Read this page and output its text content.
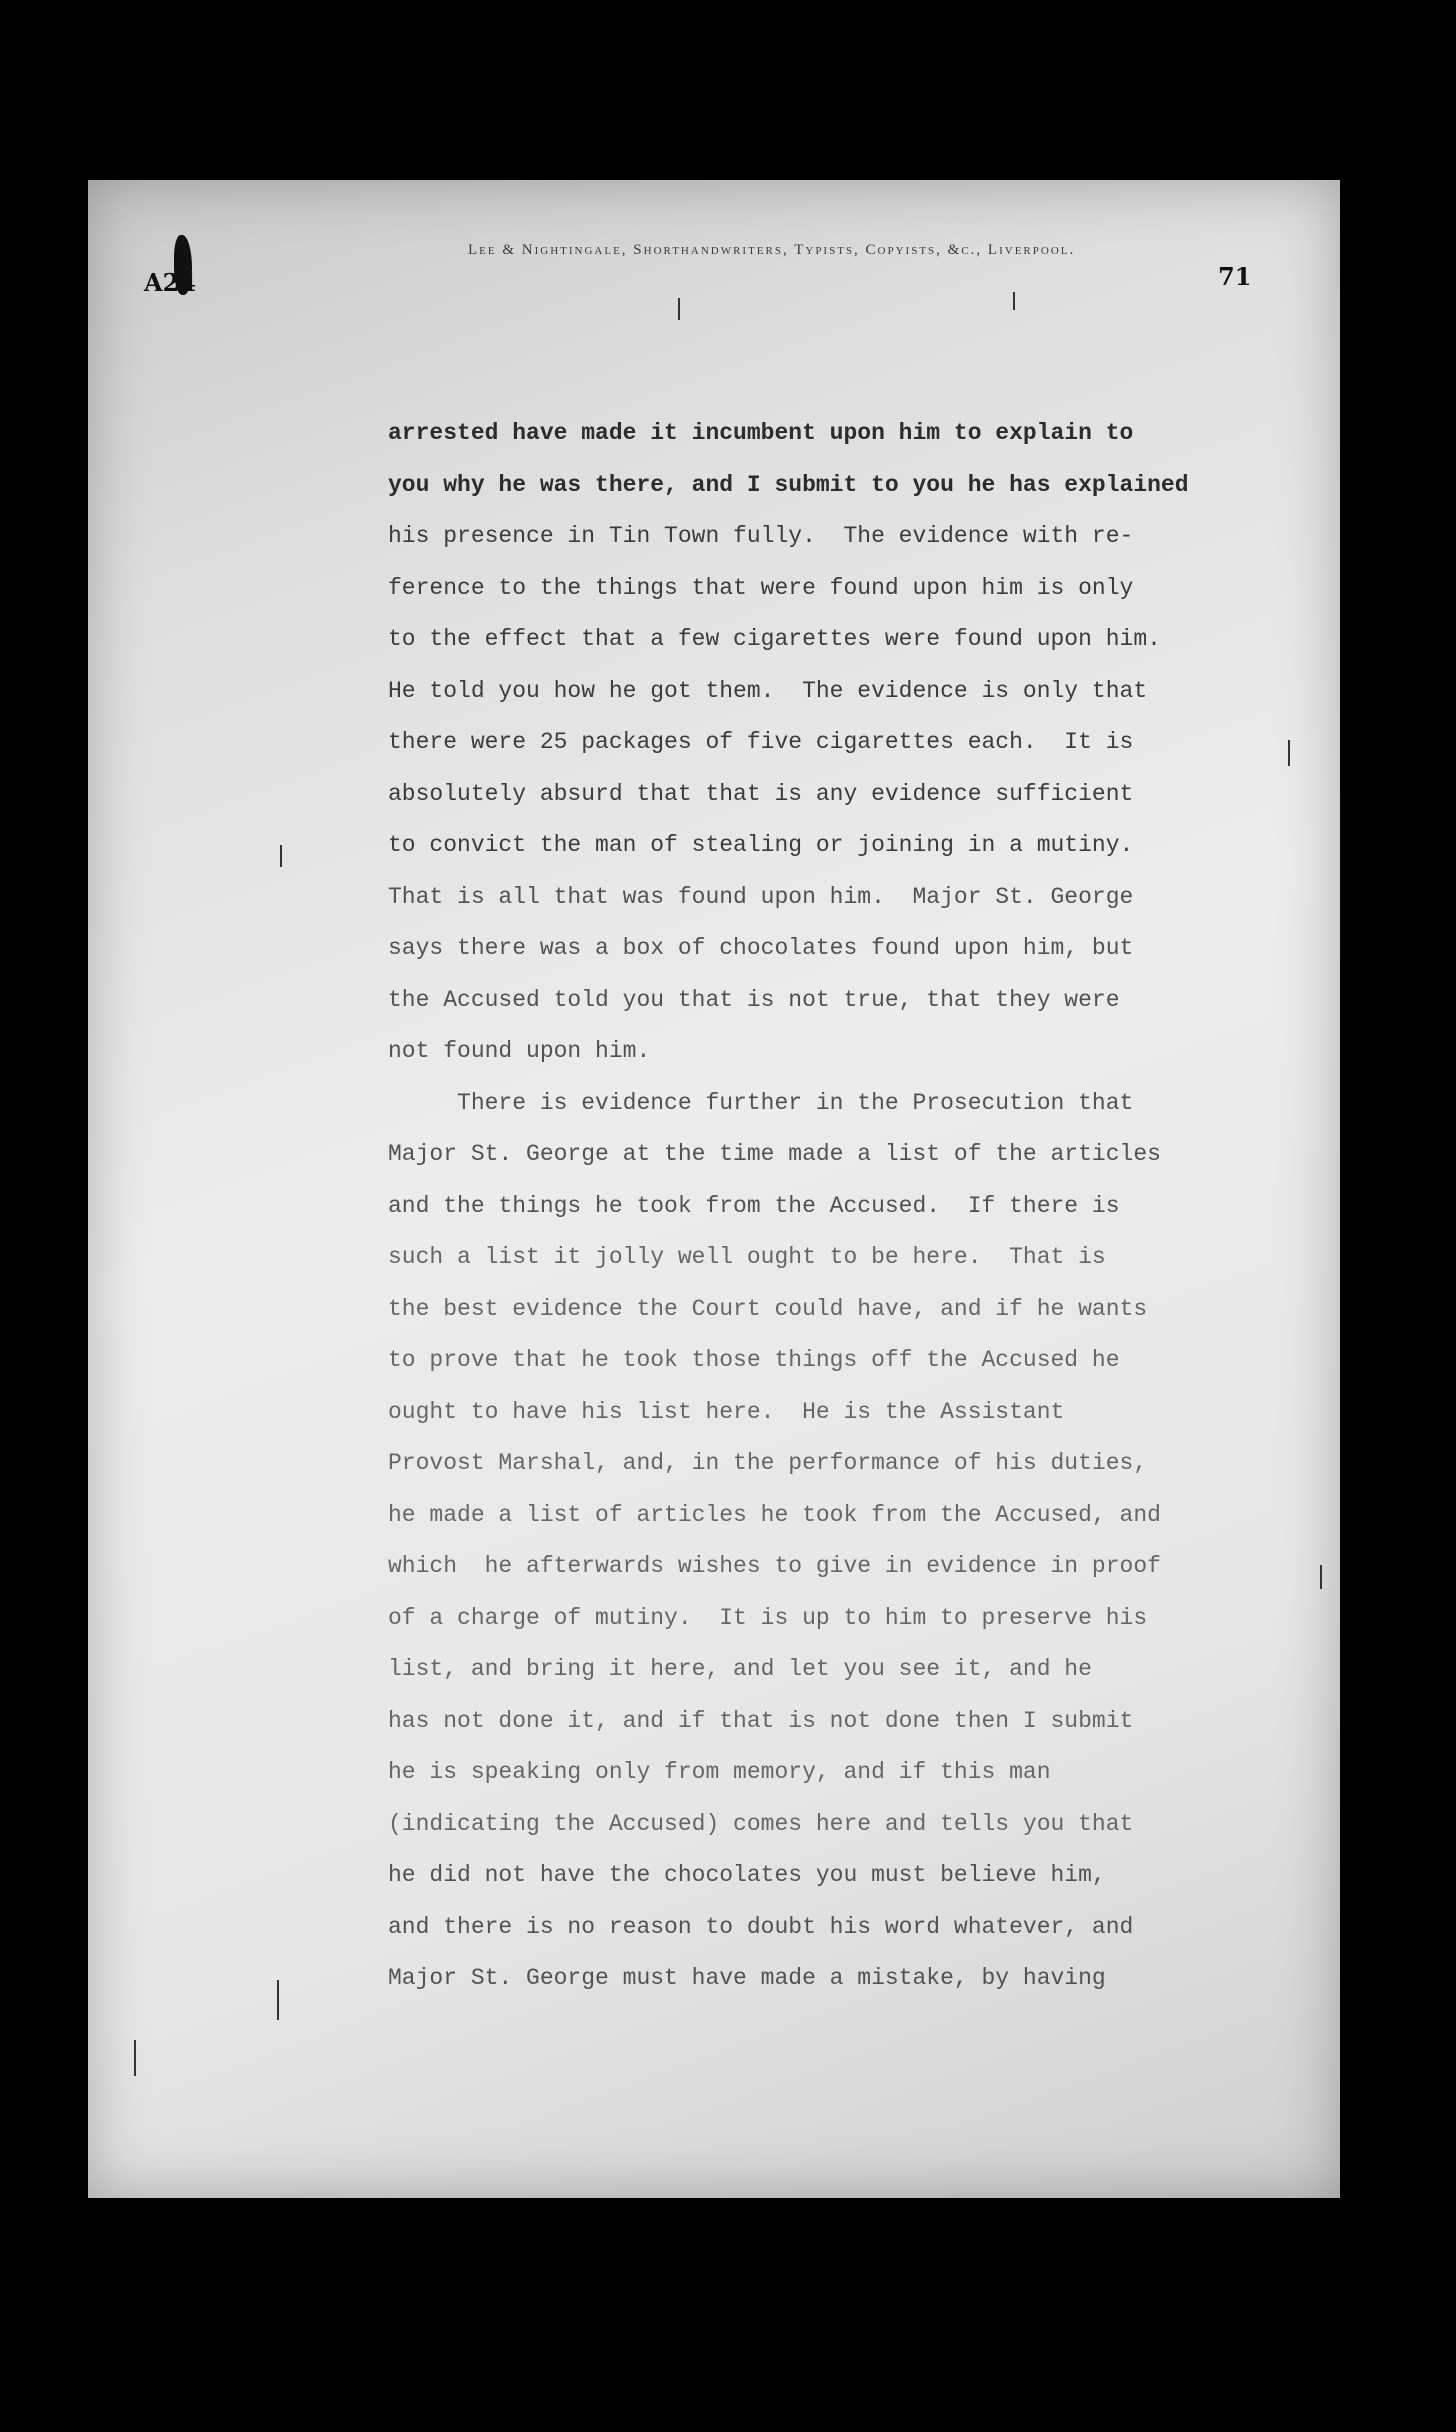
A24
Lee & Nightingale, Shorthandwriters, Typists, Copyists, &c., Liverpool.
71
arrested have made it incumbent upon him to explain to
you why he was there, and I submit to you he has explained
his presence in Tin Town fully.  The evidence with re-
ference to the things that were found upon him is only
to the effect that a few cigarettes were found upon him.
He told you how he got them.  The evidence is only that
there were 25 packages of five cigarettes each.  It is
absolutely absurd that that is any evidence sufficient
to convict the man of stealing or joining in a mutiny.
That is all that was found upon him.  Major St. George
says there was a box of chocolates found upon him, but
the Accused told you that is not true, that they were
not found upon him.
There is evidence further in the Prosecution that
Major St. George at the time made a list of the articles
and the things he took from the Accused.  If there is
such a list it jolly well ought to be here.  That is
the best evidence the Court could have, and if he wants
to prove that he took those things off the Accused he
ought to have his list here.  He is the Assistant
Provost Marshal, and, in the performance of his duties,
he made a list of articles he took from the Accused, and
which  he afterwards wishes to give in evidence in proof
of a charge of mutiny.  It is up to him to preserve his
list, and bring it here, and let you see it, and he
has not done it, and if that is not done then I submit
he is speaking only from memory, and if this man
(indicating the Accused) comes here and tells you that
he did not have the chocolates you must believe him,
and there is no reason to doubt his word whatever, and
Major St. George must have made a mistake, by having
